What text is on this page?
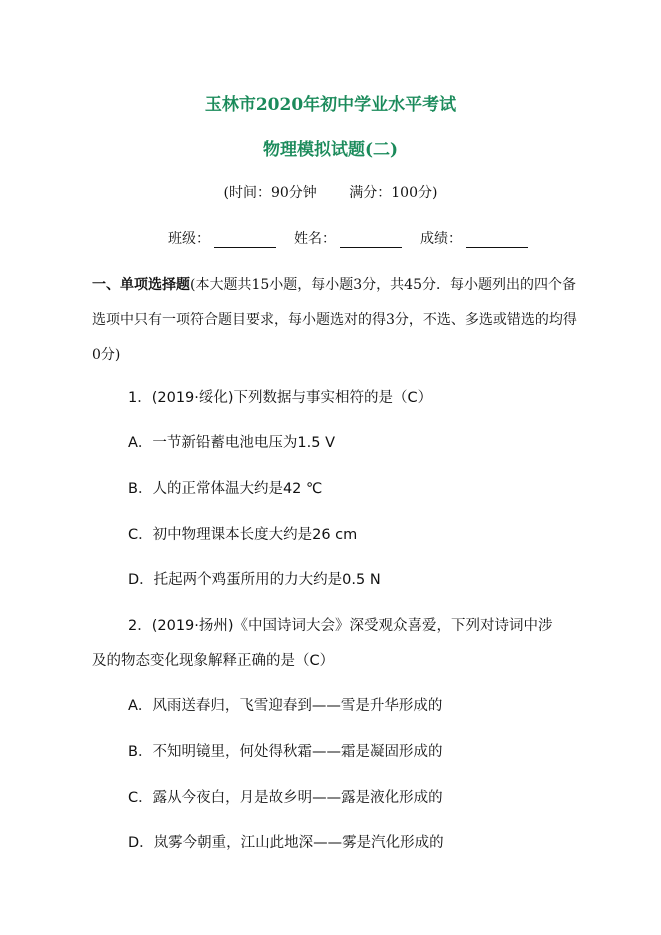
玉林市2020年初中学业水平考试
物理模拟试题(二)
(时间：90分钟 满分：100分)
班级：	姓名：	成绩：
一、单项选择题(本大题共15小题，每小题3分，共45分．每小题列出的四个备选项中只有一项符合题目要求，每小题选对的得3分，不选、多选或错选的均得0分)
1．(2019·绥化)下列数据与事实相符的是（C）
A．一节新铅蓄电池电压为1.5 V
B．人的正常体温大约是42 ℃
C．初中物理课本长度大约是26 cm
D．托起两个鸡蛋所用的力大约是0.5 N
2．(2019·扬州)《中国诗词大会》深受观众喜爱，下列对诗词中涉
及的物态变化现象解释正确的是（C）
A．风雨送春归，飞雪迎春到——雪是升华形成的
B．不知明镜里，何处得秋霜——霜是凝固形成的
C．露从今夜白，月是故乡明——露是液化形成的
D．岚雾今朝重，江山此地深——雾是汽化形成的
